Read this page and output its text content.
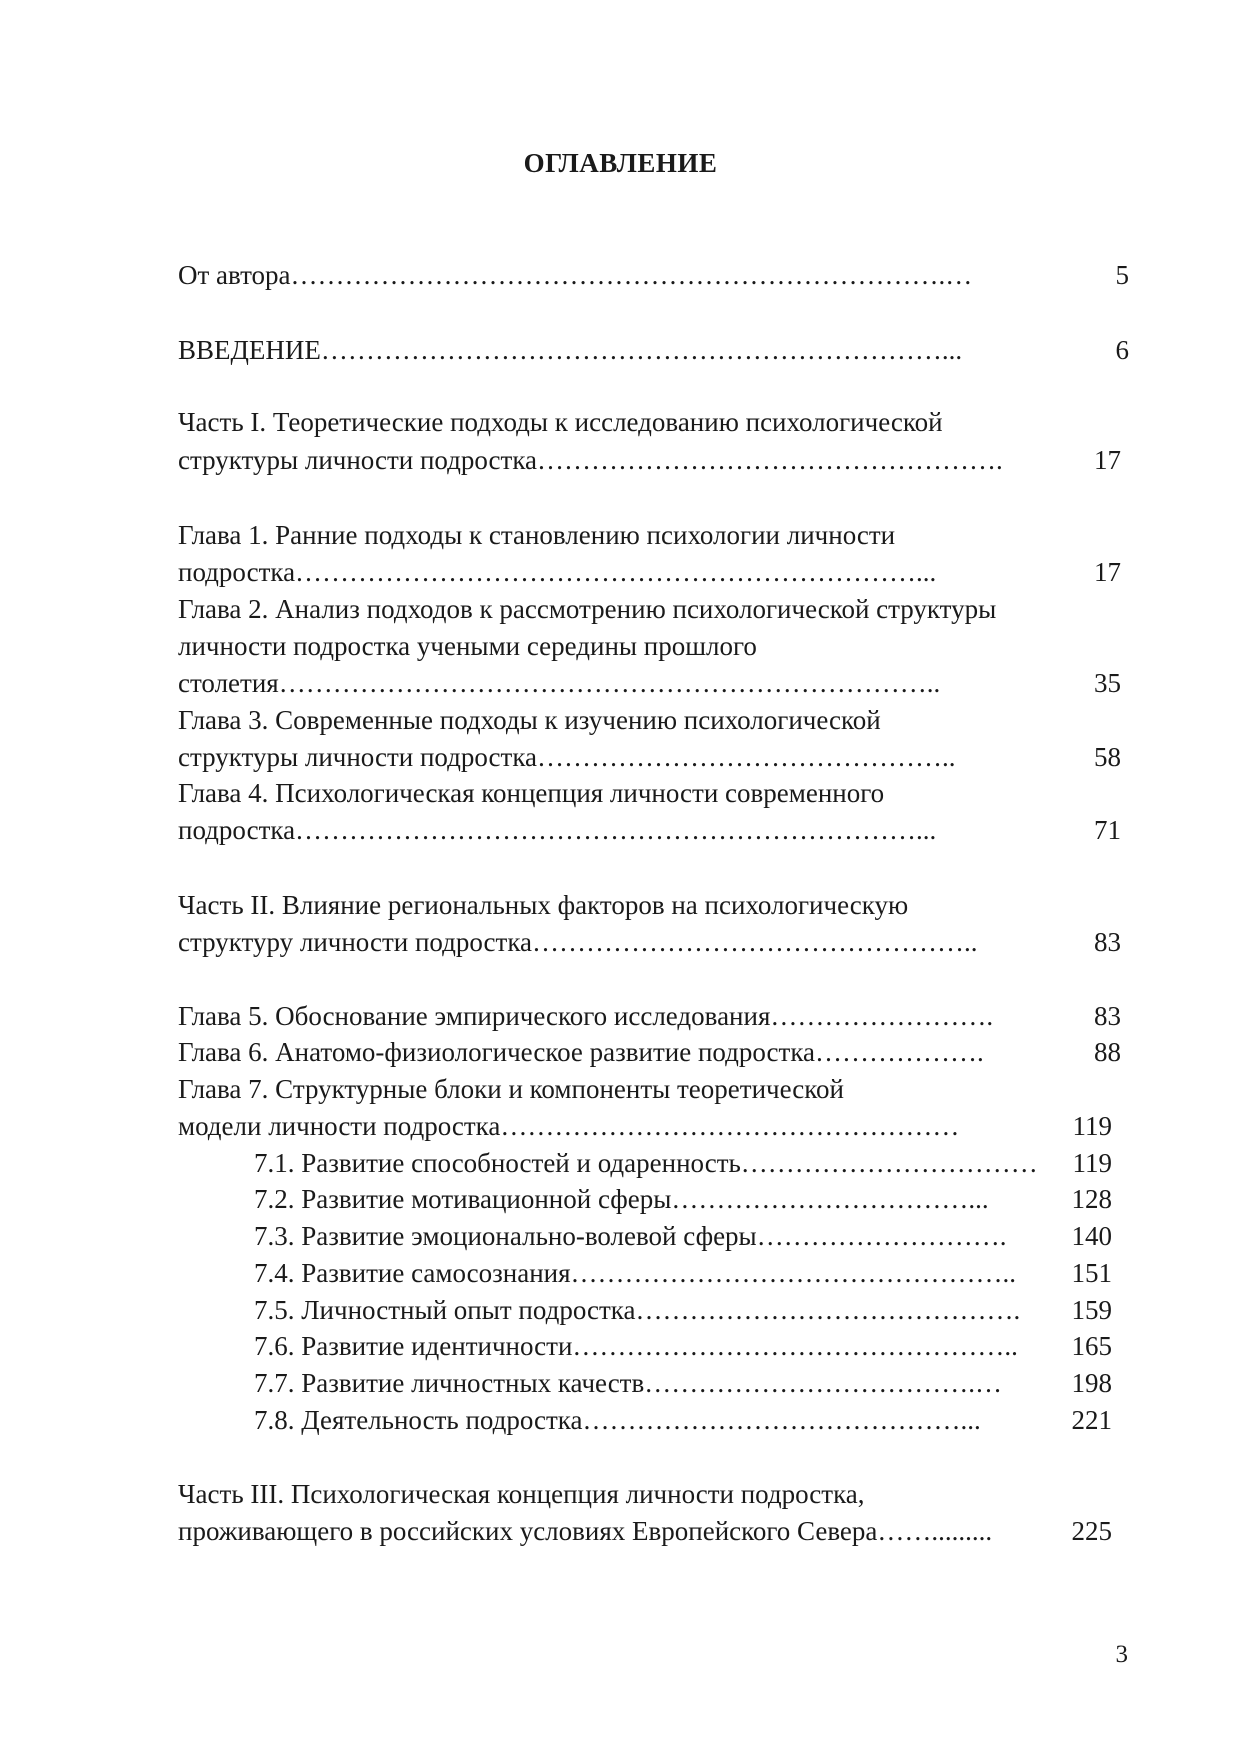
ОГЛАВЛЕНИЕ
От автора……………………………………………………………….…	5
ВВЕДЕНИЕ……………………………………………………………...	6
Часть I. Теоретические подходы к исследованию психологической
структуры личности подростка…………………………………………….	17
Глава 1. Ранние подходы к становлению психологии личности
подростка……………………………………………………………...	17
Глава 2. Анализ подходов к рассмотрению психологической структуры
личности подростка учеными середины прошлого
столетия………………………………………………………………..	35
Глава 3. Современные подходы к изучению психологической
структуры личности подростка………………………………………..	58
Глава 4. Психологическая концепция личности современного
подростка……………………………………………………………...	71
Часть II. Влияние региональных факторов на психологическую
структуру личности подростка…………………………………………..	83
Глава 5. Обоснование эмпирического исследования…………………….	83
Глава 6. Анатомо-физиологическое развитие подростка……………….	88
Глава 7. Структурные блоки и компоненты теоретической
модели личности подростка……………………………………………	119
7.1. Развитие способностей и одаренность……………………………	119
7.2. Развитие мотивационной сферы……………………………...	128
7.3. Развитие эмоционально-волевой сферы……………………….	140
7.4. Развитие самосознания…………………………………………..	151
7.5. Личностный опыт подростка…………………………………….	159
7.6. Развитие идентичности…………………………………………..	165
7.7. Развитие личностных качеств……………………………….…	198
7.8. Деятельность подростка……………………………………...	221
Часть III. Психологическая концепция личности подростка,
проживающего в российских условиях Европейского Севера…….........	225
3
